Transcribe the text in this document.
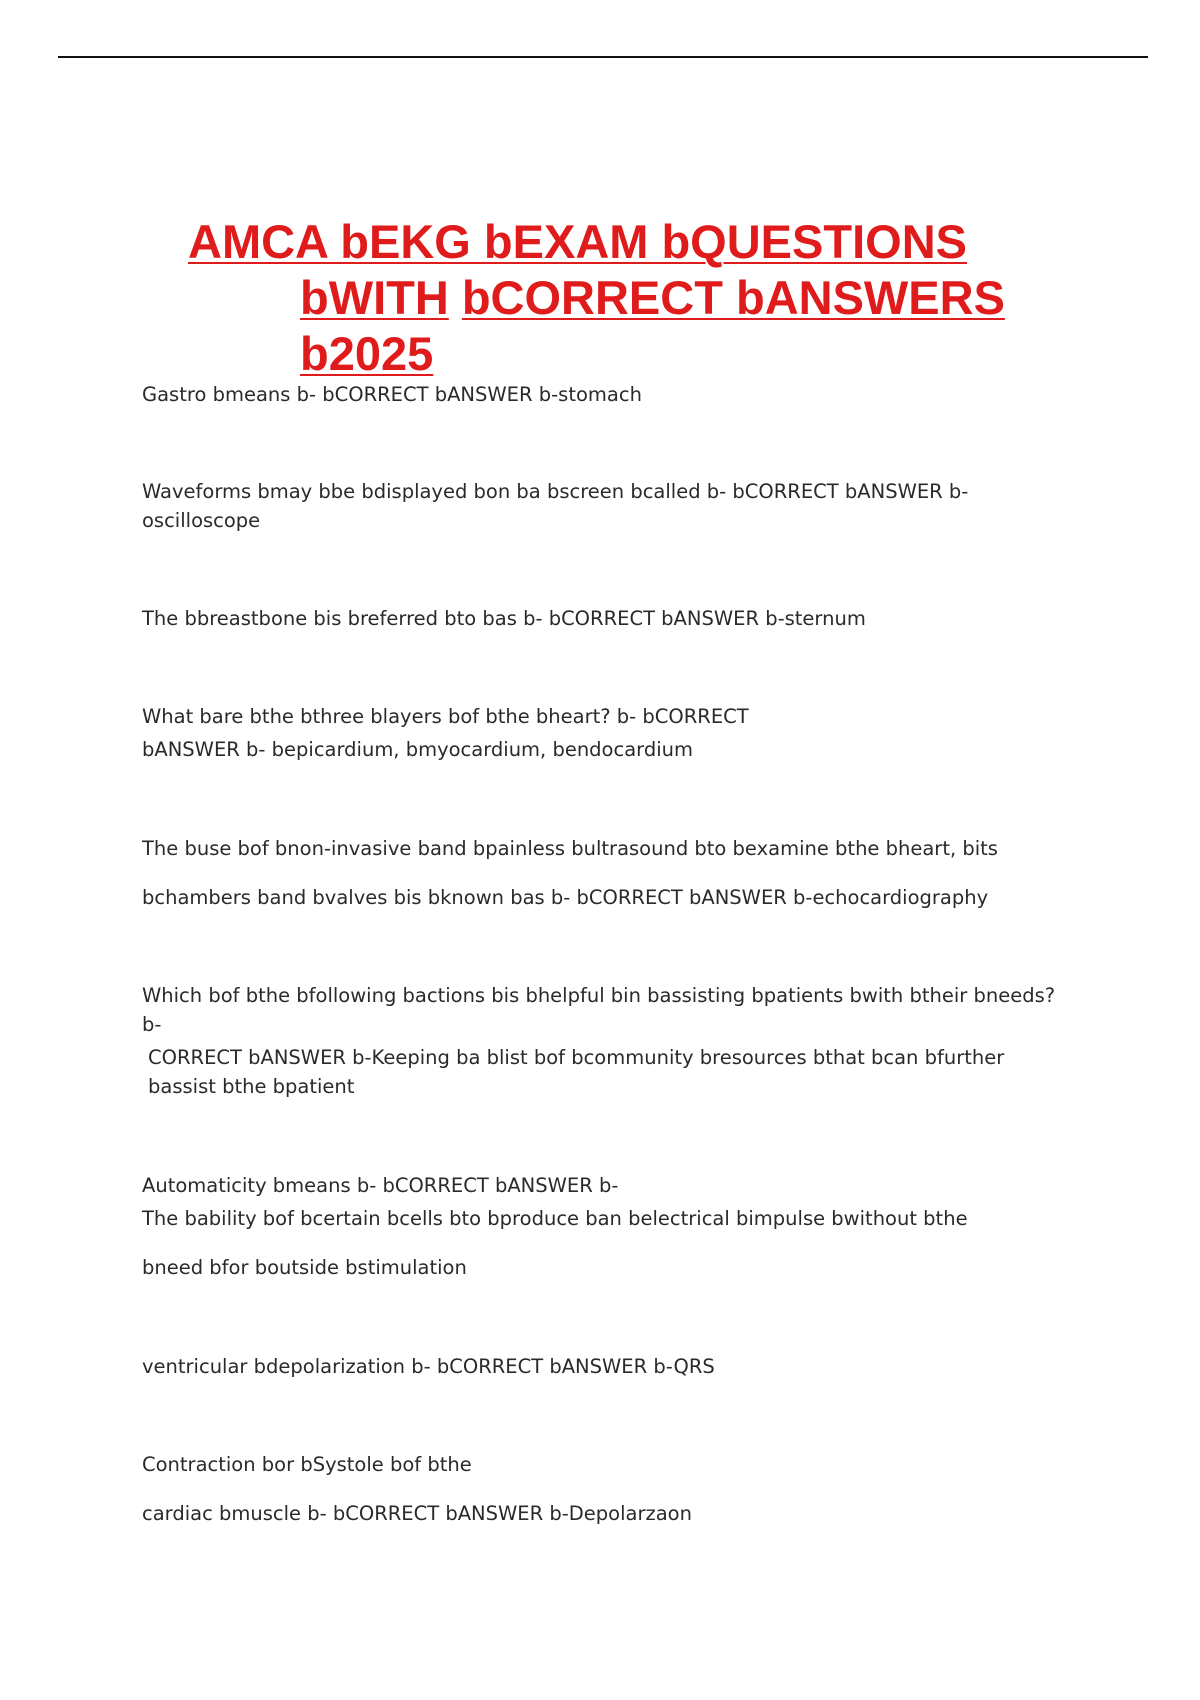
AMCA bEKG bEXAM bQUESTIONS
bWITH bCORRECT bANSWERS
b2025
Gastro bmeans b- bCORRECT bANSWER b-stomach
Waveforms bmay bbe bdisplayed bon ba bscreen bcalled b- bCORRECT bANSWER b-
oscilloscope
The bbreastbone bis breferred bto bas b- bCORRECT bANSWER b-sternum
What bare bthe bthree blayers bof bthe bheart? b- bCORRECT
bANSWER b- bepicardium, bmyocardium, bendocardium
The buse bof bnon-invasive band bpainless bultrasound bto bexamine bthe bheart, bits
bchambers band bvalves bis bknown bas b- bCORRECT bANSWER b-echocardiography
Which bof bthe bfollowing bactions bis bhelpful bin bassisting bpatients bwith btheir bneeds?
b-
CORRECT bANSWER b-Keeping ba blist bof bcommunity bresources bthat bcan bfurther
bassist bthe bpatient
Automaticity bmeans b- bCORRECT bANSWER b-
The bability bof bcertain bcells bto bproduce ban belectrical bimpulse bwithout bthe
bneed bfor boutside bstimulation
ventricular bdepolarization b- bCORRECT bANSWER b-QRS
Contraction bor bSystole bof bthe
cardiac bmuscle b- bCORRECT bANSWER b-Depolarzaon
